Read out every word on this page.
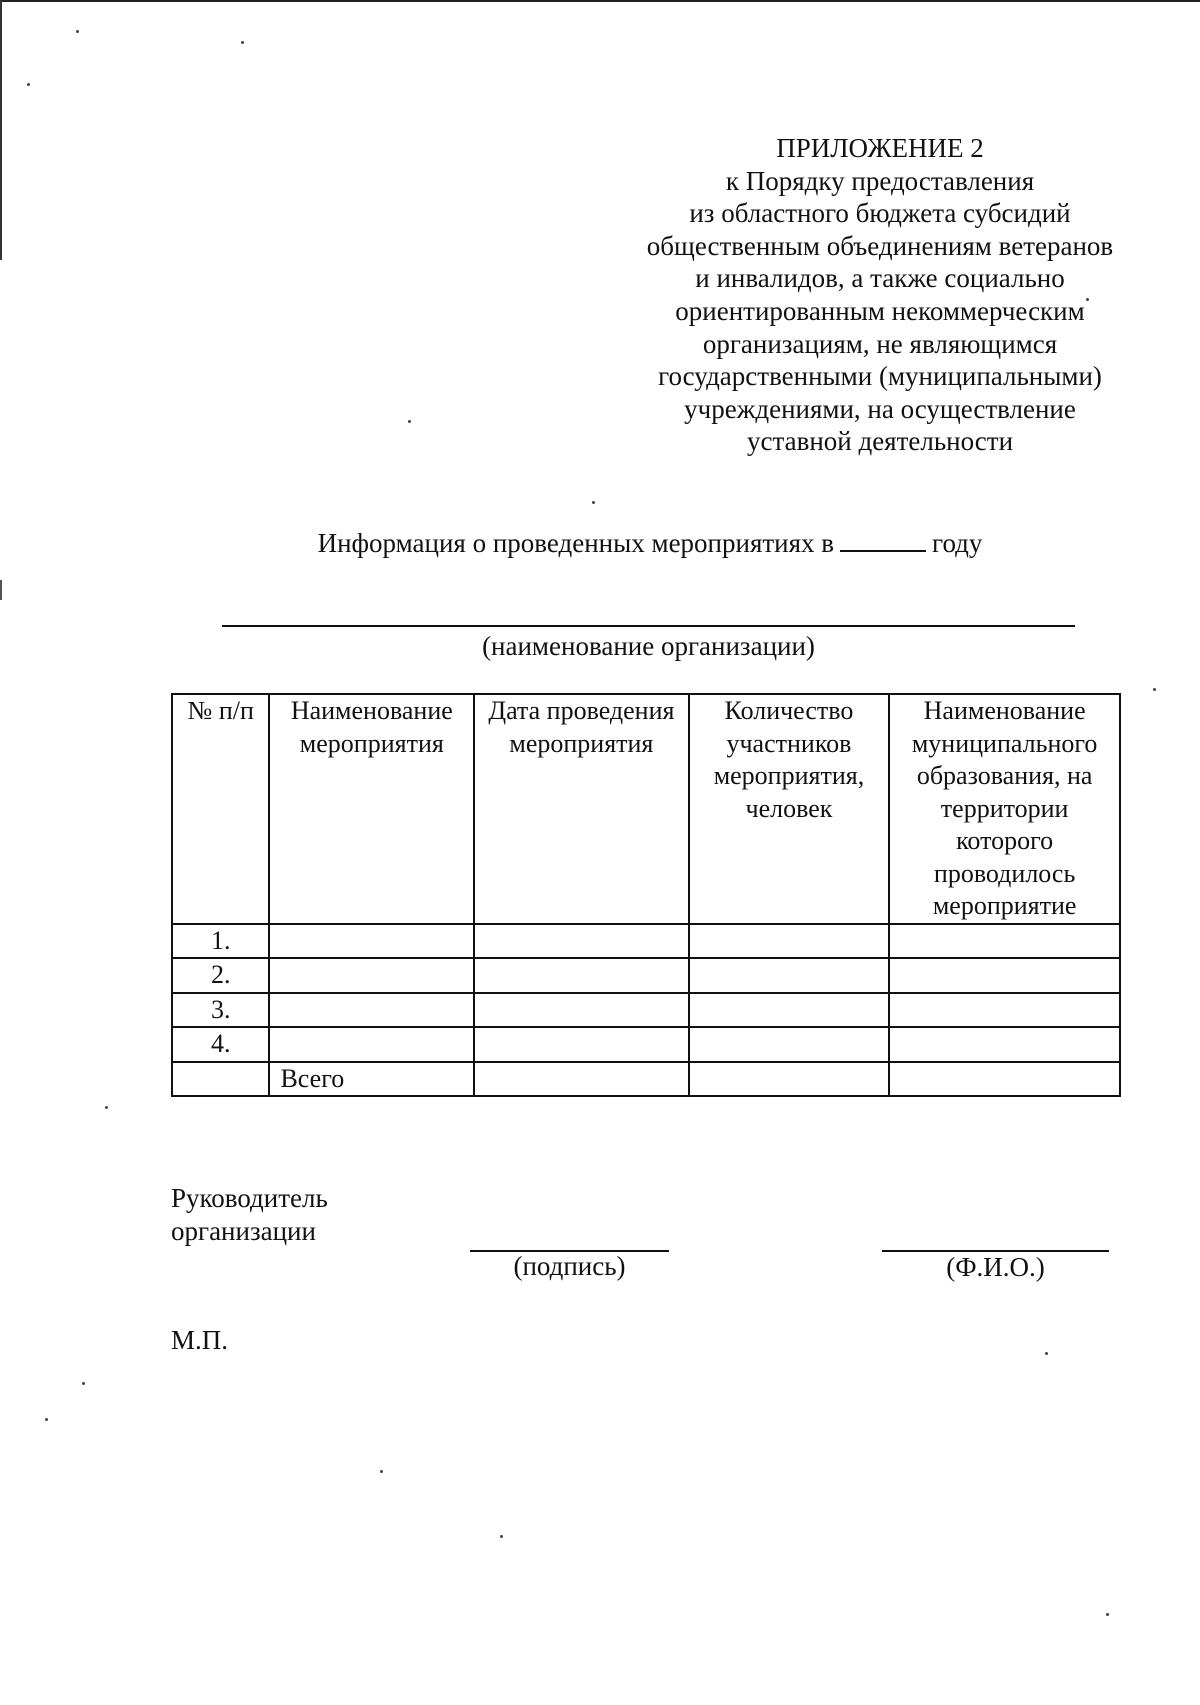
ПРИЛОЖЕНИЕ 2
к Порядку предоставления
из областного бюджета субсидий
общественным объединениям ветеранов
и инвалидов, а также социально
ориентированным некоммерческим
организациям, не являющимся
государственными (муниципальными)
учреждениями, на осуществление
уставной деятельности
Информация о проведенных мероприятиях в	году
(наименование организации)
№ п/п	Наименование мероприятия	Дата проведения мероприятия	Количество участников мероприятия, человек	Наименование муниципального образования, на территории которого проводилось мероприятие
1.				
2.				
3.				
4.				
	Всего			
Руководитель
организации
(подпись)	(Ф.И.О.)
М.П.
